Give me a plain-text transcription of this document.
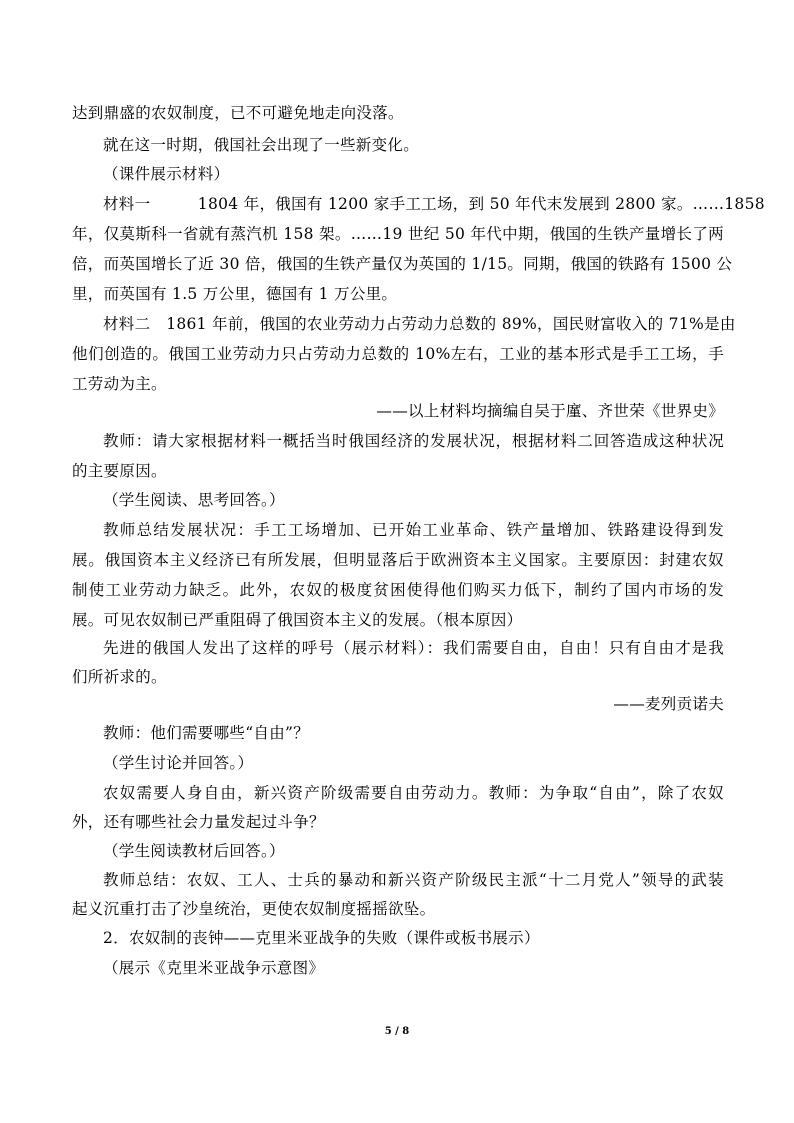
达到鼎盛的农奴制度，已不可避免地走向没落。
就在这一时期，俄国社会出现了一些新变化。
（课件展示材料）
材料一　　　1804 年，俄国有 1200 家手工工场，到 50 年代末发展到 2800 家。……1858
年，仅莫斯科一省就有蒸汽机 158 架。……19 世纪 50 年代中期，俄国的生铁产量增长了两
倍，而英国增长了近 30 倍，俄国的生铁产量仅为英国的 1/15。同期，俄国的铁路有 1500 公
里，而英国有 1.5 万公里，德国有 1 万公里。
材料二　1861 年前，俄国的农业劳动力占劳动力总数的 89%，国民财富收入的 71%是由
他们创造的。俄国工业劳动力只占劳动力总数的 10%左右，工业的基本形式是手工工场，手
工劳动为主。
——以上材料均摘编自吴于廑、齐世荣《世界史》
教师：请大家根据材料一概括当时俄国经济的发展状况，根据材料二回答造成这种状况
的主要原因。
（学生阅读、思考回答。）
教师总结发展状况：手工工场增加、已开始工业革命、铁产量增加、铁路建设得到发
展。俄国资本主义经济已有所发展，但明显落后于欧洲资本主义国家。主要原因：封建农奴
制使工业劳动力缺乏。此外，农奴的极度贫困使得他们购买力低下，制约了国内市场的发
展。可见农奴制已严重阻碍了俄国资本主义的发展。（根本原因）
先进的俄国人发出了这样的呼号（展示材料）：我们需要自由，自由！只有自由才是我
们所祈求的。
——麦列贡诺夫
教师：他们需要哪些“自由”？
（学生讨论并回答。）
农奴需要人身自由，新兴资产阶级需要自由劳动力。教师：为争取“自由”，除了农奴
外，还有哪些社会力量发起过斗争？
（学生阅读教材后回答。）
教师总结：农奴、工人、士兵的暴动和新兴资产阶级民主派“十二月党人”领导的武装
起义沉重打击了沙皇统治，更使农奴制度摇摇欲坠。
2．农奴制的丧钟——克里米亚战争的失败（课件或板书展示）
（展示《克里米亚战争示意图》
5 / 8
